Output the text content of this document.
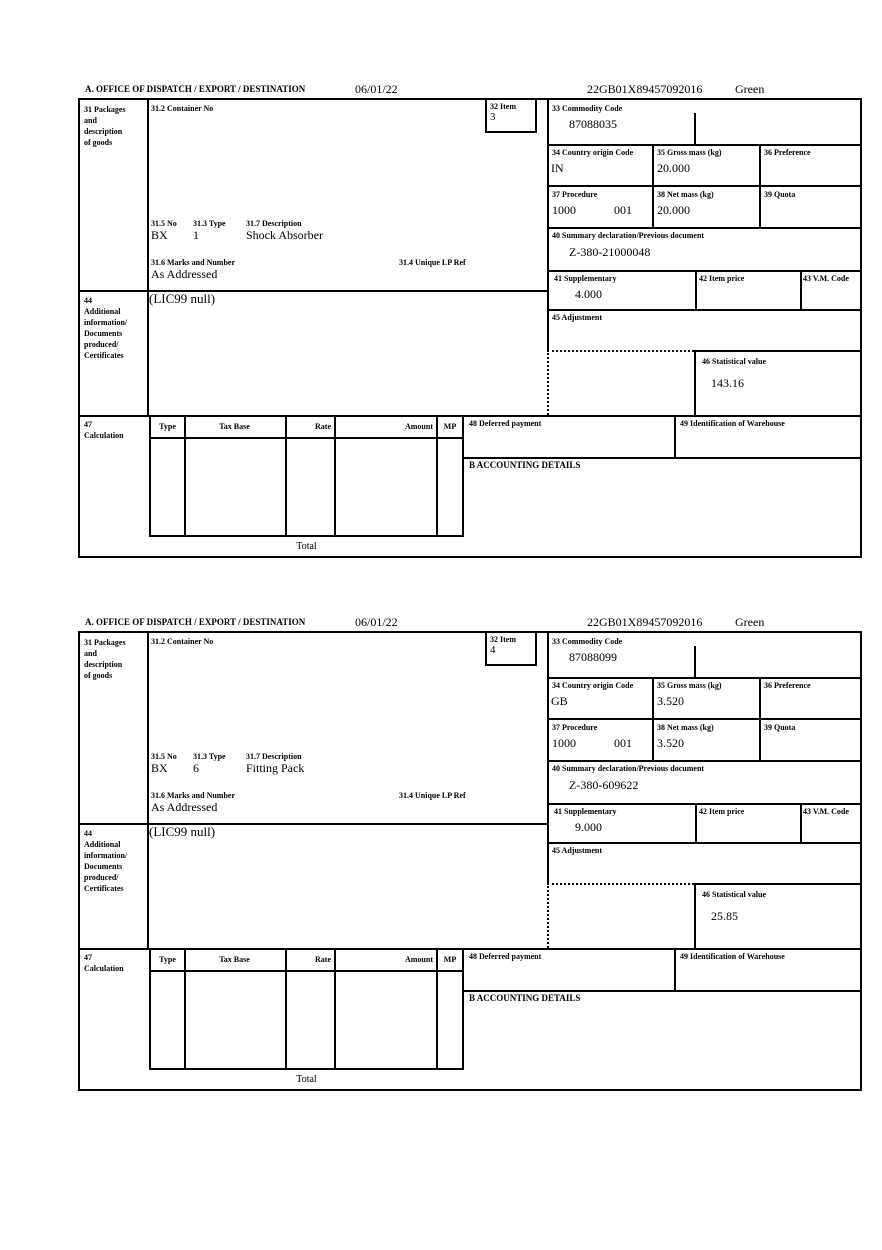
A. OFFICE OF DISPATCH / EXPORT / DESTINATION	06/01/22	22GB01X89457092016	Green
31 Packages
and
description
of goods
31.2 Container No	32 Item
3
33 Commodity Code
87088035
34 Country origin Code
IN
35 Gross mass (kg)
20.000
36 Preference
37 Procedure
1000	001
38 Net mass (kg)
20.000
39 Quota
40 Summary declaration/Previous document
Z-380-21000048
41 Supplementary
4.000
42 Item price	43 V.M. Code
45 Adjustment
46 Statistical value
143.16
31.5 No 31.3 Type	31.7 Description
BX 1	Shock Absorber
31.6 Marks and Number	31.4 Unique LP Ref
As Addressed
(LIC99 null)
44
Additional
information/
Documents
produced/
Certificates
47
Calculation
Type	Tax Base	Rate	Amount	MP
Total
48 Deferred payment	49 Identification of Warehouse
B ACCOUNTING DETAILS
A. OFFICE OF DISPATCH / EXPORT / DESTINATION	06/01/22	22GB01X89457092016	Green
31 Packages
and
description
of goods
31.2 Container No	32 Item
4
33 Commodity Code
87088099
34 Country origin Code
GB
35 Gross mass (kg)
3.520
36 Preference
37 Procedure
1000	001
38 Net mass (kg)
3.520
39 Quota
40 Summary declaration/Previous document
Z-380-609622
41 Supplementary
9.000
42 Item price	43 V.M. Code
45 Adjustment
46 Statistical value
25.85
31.5 No 31.3 Type	31.7 Description
BX 6	Fitting Pack
31.6 Marks and Number	31.4 Unique LP Ref
As Addressed
(LIC99 null)
44
Additional
information/
Documents
produced/
Certificates
47
Calculation
Type	Tax Base	Rate	Amount	MP
Total
48 Deferred payment	49 Identification of Warehouse
B ACCOUNTING DETAILS
